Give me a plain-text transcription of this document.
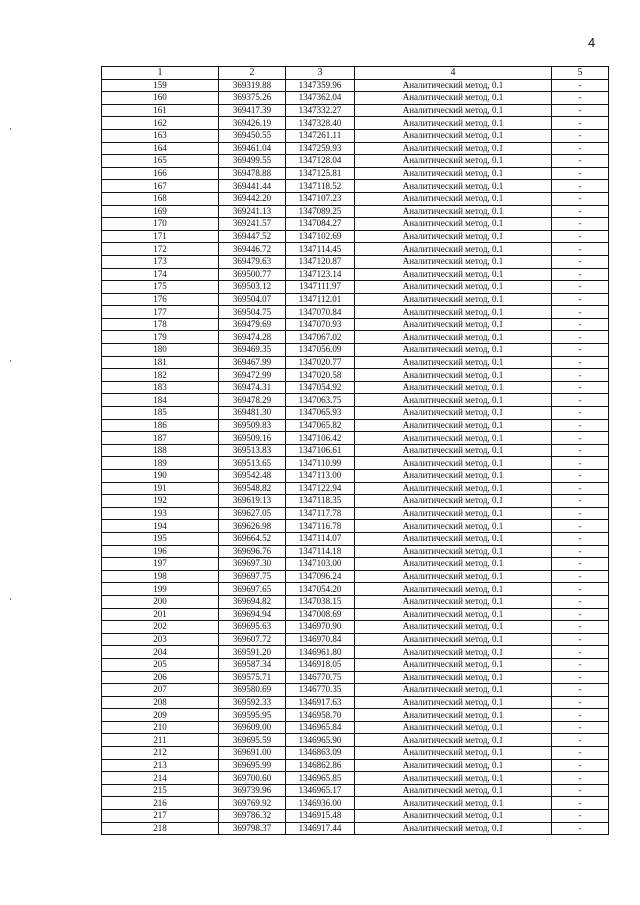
4
1	2	3	4	5
159	369319.88	1347359.96	Аналитический метод, 0.1	-
160	369375.26	1347362.04	Аналитический метод, 0.1	-
161	369417.39	1347332.27	Аналитический метод, 0.1	-
162	369426.19	1347328.40	Аналитический метод, 0.1	-
163	369450.55	1347261.11	Аналитический метод, 0.1	-
164	369461.04	1347259.93	Аналитический метод, 0.1	-
165	369499.55	1347128.04	Аналитический метод, 0.1	-
166	369478.88	1347125.81	Аналитический метод, 0.1	-
167	369441.44	1347118.52	Аналитический метод, 0.1	-
168	369442.20	1347107.23	Аналитический метод, 0.1	-
169	369241.13	1347089.25	Аналитический метод, 0.1	-
170	369241.57	1347084.27	Аналитический метод, 0.1	-
171	369447.52	1347102.69	Аналитический метод, 0.1	-
172	369446.72	1347114.45	Аналитический метод, 0.1	-
173	369479.63	1347120.87	Аналитический метод, 0.1	-
174	369500.77	1347123.14	Аналитический метод, 0.1	-
175	369503.12	1347111.97	Аналитический метод, 0.1	-
176	369504.07	1347112.01	Аналитический метод, 0.1	-
177	369504.75	1347070.84	Аналитический метод, 0.1	-
178	369479.69	1347070.93	Аналитический метод, 0.1	-
179	369474.28	1347067.02	Аналитический метод, 0.1	-
180	369469.35	1347056.09	Аналитический метод, 0.1	-
181	369467.99	1347020.77	Аналитический метод, 0.1	-
182	369472.99	1347020.58	Аналитический метод, 0.1	-
183	369474.31	1347054.92	Аналитический метод, 0.1	-
184	369478.29	1347063.75	Аналитический метод, 0.1	-
185	369481.30	1347065.93	Аналитический метод, 0.1	-
186	369509.83	1347065.82	Аналитический метод, 0.1	-
187	369509.16	1347106.42	Аналитический метод, 0.1	-
188	369513.83	1347106.61	Аналитический метод, 0.1	-
189	369513.65	1347110.99	Аналитический метод, 0.1	-
190	369542.48	1347113.00	Аналитический метод, 0.1	-
191	369548.82	1347122.94	Аналитический метод, 0.1	-
192	369619.13	1347118.35	Аналитический метод, 0.1	-
193	369627.05	1347117.78	Аналитический метод, 0.1	-
194	369626.98	1347116.78	Аналитический метод, 0.1	-
195	369664.52	1347114.07	Аналитический метод, 0.1	-
196	369696.76	1347114.18	Аналитический метод, 0.1	-
197	369697.30	1347103.00	Аналитический метод, 0.1	-
198	369697.75	1347096.24	Аналитический метод, 0.1	-
199	369697.65	1347054.20	Аналитический метод, 0.1	-
200	369694.82	1347038.15	Аналитический метод, 0.1	-
201	369694.94	1347008.69	Аналитический метод, 0.1	-
202	369695.63	1346970.90	Аналитический метод, 0.1	-
203	369607.72	1346970.84	Аналитический метод, 0.1	-
204	369591.20	1346961.80	Аналитический метод, 0.1	-
205	369587.34	1346918.05	Аналитический метод, 0.1	-
206	369575.71	1346770.75	Аналитический метод, 0.1	-
207	369580.69	1346770.35	Аналитический метод, 0.1	-
208	369592.33	1346917.63	Аналитический метод, 0.1	-
209	369595.95	1346958.70	Аналитический метод, 0.1	-
210	369609.00	1346965.84	Аналитический метод, 0.1	-
211	369695.59	1346965.90	Аналитический метод, 0.1	-
212	369691.00	1346863.09	Аналитический метод, 0.1	-
213	369695.99	1346862.86	Аналитический метод, 0.1	-
214	369700.60	1346965.85	Аналитический метод, 0.1	-
215	369739.96	1346965.17	Аналитический метод, 0.1	-
216	369769.92	1346936.00	Аналитический метод, 0.1	-
217	369786.32	1346915.48	Аналитический метод, 0.1	-
218	369798.37	1346917.44	Аналитический метод, 0.1	-
